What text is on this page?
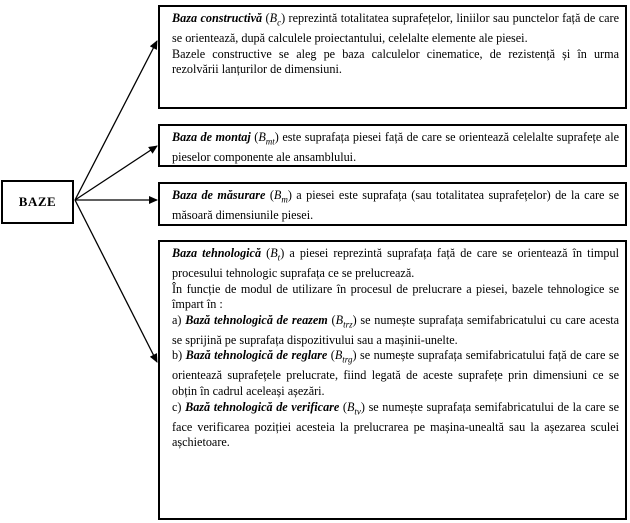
BAZE

Baza constructivă $(B_c)$ reprezintă totalitatea suprafețelor, liniilor sau punctelor față de care se orientează, după calculele proiectantului, celelalte elemente ale piesei.

Bazele constructive se aleg pe baza calculelor cinematice, de rezistență și în urma rezolvării lanțurilor de dimensiuni.

Baza de montaj $(B_{mt})$ este suprafața piesei față de care se orientează celelalte suprafețe ale pieselor componente ale ansamblului.

Baza de măsurare $(B_m)$ a piesei este suprafața (sau totalitatea suprafețelor) de la care se măsoară dimensiunile piesei.

Baza tehnologică $(B_t)$ a piesei reprezintă suprafața față de care se orientează în timpul procesului tehnologic suprafața ce se prelucrează.

În funcție de modul de utilizare în procesul de prelucrare a piesei, bazele tehnologice se împart în :

a) Bază tehnologică de reazem $(B_{trz})$ se numește suprafața semifabricatului cu care acesta se sprijină pe suprafața dispozitivului sau a mașinii-unelte.

b) Bază tehnologică de reglare $(B_{trg})$ se numește suprafața semifabricatului față de care se orientează suprafețele prelucrate, fiind legată de aceste suprafețe prin dimensiuni ce se obțin în cadrul aceleași așezări.

c) Bază tehnologică de verificare $(B_{tv})$ se numește suprafața semifabricatului de la care se face verificarea poziției acesteia la prelucrarea pe mașina-unealtă sau la așezarea sculei așchietoare.
